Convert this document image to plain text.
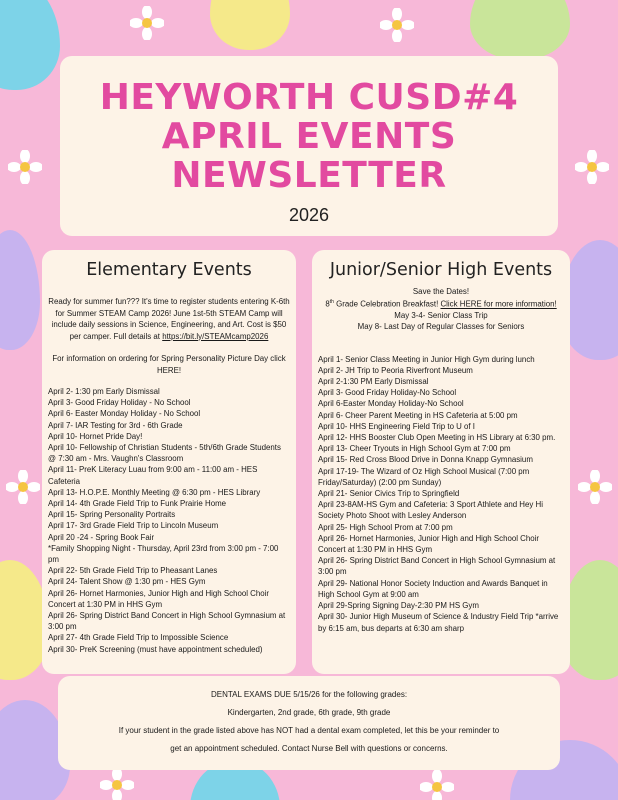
HEYWORTH CUSD#4
APRIL EVENTS
NEWSLETTER
2026
Elementary Events
Ready for summer fun??? It's time to register students entering K-6th for Summer STEAM Camp 2026! June 1st-5th STEAM Camp will include daily sessions in Science, Engineering, and Art. Cost is $50 per camper. Full details at https://bit.ly/STEAMcamp2026
For information on ordering for Spring Personality Picture Day click HERE!
April 2- 1:30 pm Early Dismissal
April 3- Good Friday Holiday - No School
April 6- Easter Monday Holiday - No School
April 7- IAR Testing for 3rd - 6th Grade
April 10- Hornet Pride Day!
April 10- Fellowship of Christian Students - 5th/6th Grade Students @ 7:30 am - Mrs. Vaughn's Classroom
April 11- PreK Literacy Luau from 9:00 am - 11:00 am - HES Cafeteria
April 13- H.O.P.E. Monthly Meeting @ 6:30 pm - HES Library
April 14- 4th Grade Field Trip to Funk Prairie Home
April 15- Spring Personality Portraits
April 17- 3rd Grade Field Trip to Lincoln Museum
April 20 -24 - Spring Book Fair
*Family Shopping Night - Thursday, April 23rd from 3:00 pm - 7:00 pm
April 22- 5th Grade Field Trip to Pheasant Lanes
April 24- Talent Show @ 1:30 pm - HES Gym
April 26- Hornet Harmonies, Junior High and High School Choir Concert at 1:30 PM in HHS Gym
April 26- Spring District Band Concert in High School Gymnasium at 3:00 pm
April 27- 4th Grade Field Trip to Impossible Science
April 30- PreK Screening (must have appointment scheduled)
Junior/Senior High Events
Save the Dates!
8th Grade Celebration Breakfast! Click HERE for more information!
May 3-4- Senior Class Trip
May 8- Last Day of Regular Classes for Seniors
April 1- Senior Class Meeting in Junior High Gym during lunch
April 2- JH Trip to Peoria Riverfront Museum
April 2-1:30 PM Early Dismissal
April 3- Good Friday Holiday-No School
April 6-Easter Monday Holiday-No School
April 6- Cheer Parent Meeting in HS Cafeteria at 5:00 pm
April 10- HHS Engineering Field Trip to U of I
April 12- HHS Booster Club Open Meeting in HS Library at 6:30 pm.
April 13- Cheer Tryouts in High School Gym at 7:00 pm
April 15- Red Cross Blood Drive in Donna Knapp Gymnasium
April 17-19- The Wizard of Oz High School Musical (7:00 pm Friday/Saturday) (2:00 pm Sunday)
April 21- Senior Civics Trip to Springfield
April 23-8AM-HS Gym and Cafeteria: 3 Sport Athlete and Hey Hi Society Photo Shoot with Lesley Anderson
April 25- High School Prom at 7:00 pm
April 26- Hornet Harmonies, Junior High and High School Choir Concert at 1:30 PM in HHS Gym
April 26- Spring District Band Concert in High School Gymnasium at 3:00 pm
April 29- National Honor Society Induction and Awards Banquet in High School Gym at 9:00 am
April 29-Spring Signing Day-2:30 PM HS Gym
April 30- Junior High Museum of Science & Industry Field Trip *arrive by 6:15 am, bus departs at 6:30 am sharp

DENTAL EXAMS DUE 5/15/26 for the following grades:

Kindergarten, 2nd grade, 6th grade, 9th grade

If your student in the grade listed above has NOT had a dental exam completed, let this be your reminder to

get an appointment scheduled. Contact Nurse Bell with questions or concerns.
